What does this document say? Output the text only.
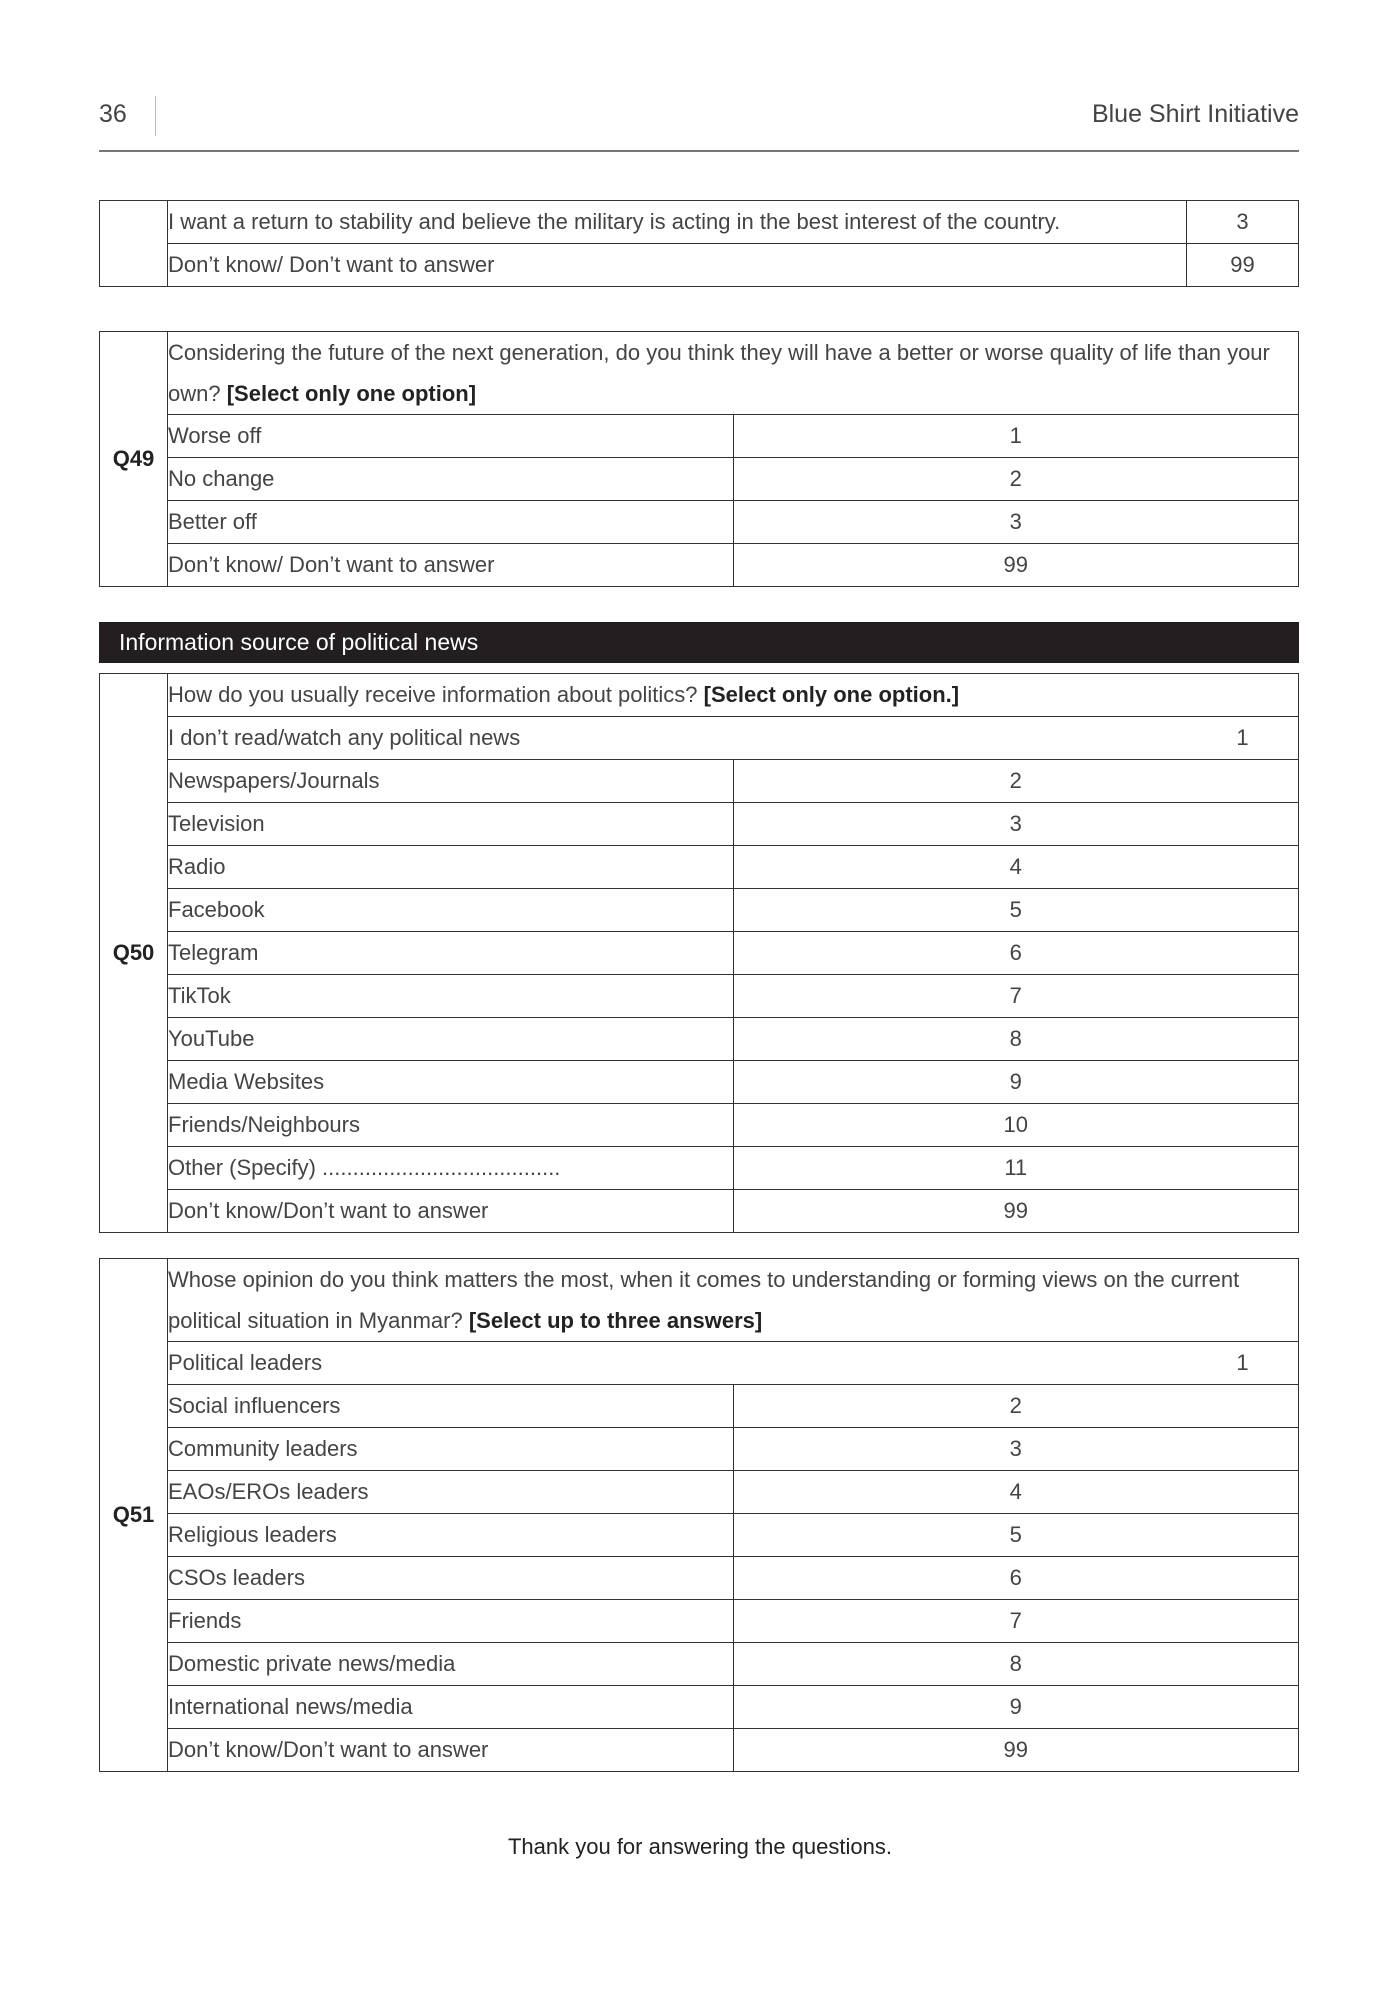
36	Blue Shirt Initiative
	I want a return to stability and believe the military is acting in the best interest of the country.	3
	Don’t know/ Don’t want to answer	99
Q49	Considering the future of the next generation, do you think they will have a better or worse quality of life than your own? [Select only one option]	
	Worse off	1
	No change	2
	Better off	3
	Don’t know/ Don’t want to answer	99
Information source of political news
Q50	How do you usually receive information about politics? [Select only one option.]	
	I don’t read/watch any political news 1	

	Newspapers/Journals	2
	Television	3
	Radio	4
	Facebook	5
	Telegram	6
	TikTok	7
	YouTube	8
	Media Websites	9
	Friends/Neighbours	10
	Other (Specify) .......................................	11
	Don’t know/Don’t want to answer	99
Q51	Whose opinion do you think matters the most, when it comes to understanding or forming views on the current political situation in Myanmar? [Select up to three answers]	
	Political leaders 1	

	Social influencers	2
	Community leaders	3
	EAOs/EROs leaders	4
	Religious leaders	5
	CSOs leaders	6
	Friends	7
	Domestic private news/media	8
	International news/media	9
	Don’t know/Don’t want to answer	99
Thank you for answering the questions.
